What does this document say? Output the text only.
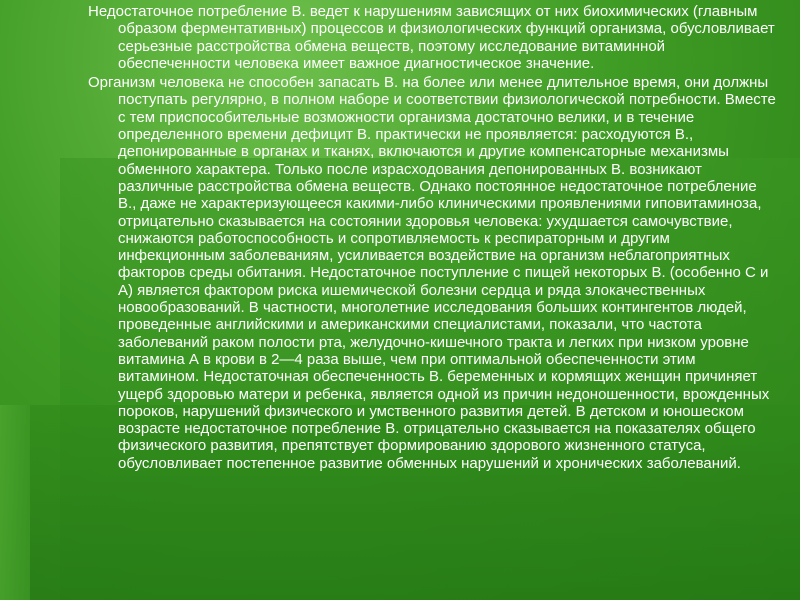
Недостаточное потребление В. ведет к нарушениям зависящих от них биохимических (главным образом ферментативных) процессов и физиологических функций организма, обусловливает серьезные расстройства обмена веществ, поэтому исследование витаминной обеспеченности человека имеет важное диагностическое значение.

Организм человека не способен запасать В. на более или менее длительное время, они должны поступать регулярно, в полном наборе и соответствии физиологической потребности. Вместе с тем приспособительные возможности организма достаточно велики, и в течение определенного времени дефицит В. практически не проявляется: расходуются В., депонированные в органах и тканях, включаются и другие компенсаторные механизмы обменного характера. Только после израсходования депонированных В. возникают различные расстройства обмена веществ. Однако постоянное недостаточное потребление В., даже не характеризующееся какими-либо клиническими проявлениями гиповитаминоза, отрицательно сказывается на состоянии здоровья человека: ухудшается самочувствие, снижаются работоспособность и сопротивляемость к респираторным и другим инфекционным заболеваниям, усиливается воздействие на организм неблагоприятных факторов среды обитания. Недостаточное поступление с пищей некоторых В. (особенно С и А) является фактором риска ишемической болезни сердца и ряда злокачественных новообразований. В частности, многолетние исследования больших контингентов людей, проведенные английскими и американскими специалистами, показали, что частота заболеваний раком полости рта, желудочно-кишечного тракта и легких при низком уровне витамина А в крови в 2—4 раза выше, чем при оптимальной обеспеченности этим витамином. Недостаточная обеспеченность В. беременных и кормящих женщин причиняет ущерб здоровью матери и ребенка, является одной из причин недоношенности, врожденных пороков, нарушений физического и умственного развития детей. В детском и юношеском возрасте недостаточное потребление В. отрицательно сказывается на показателях общего физического развития, препятствует формированию здорового жизненного статуса, обусловливает постепенное развитие обменных нарушений и хронических заболеваний.
